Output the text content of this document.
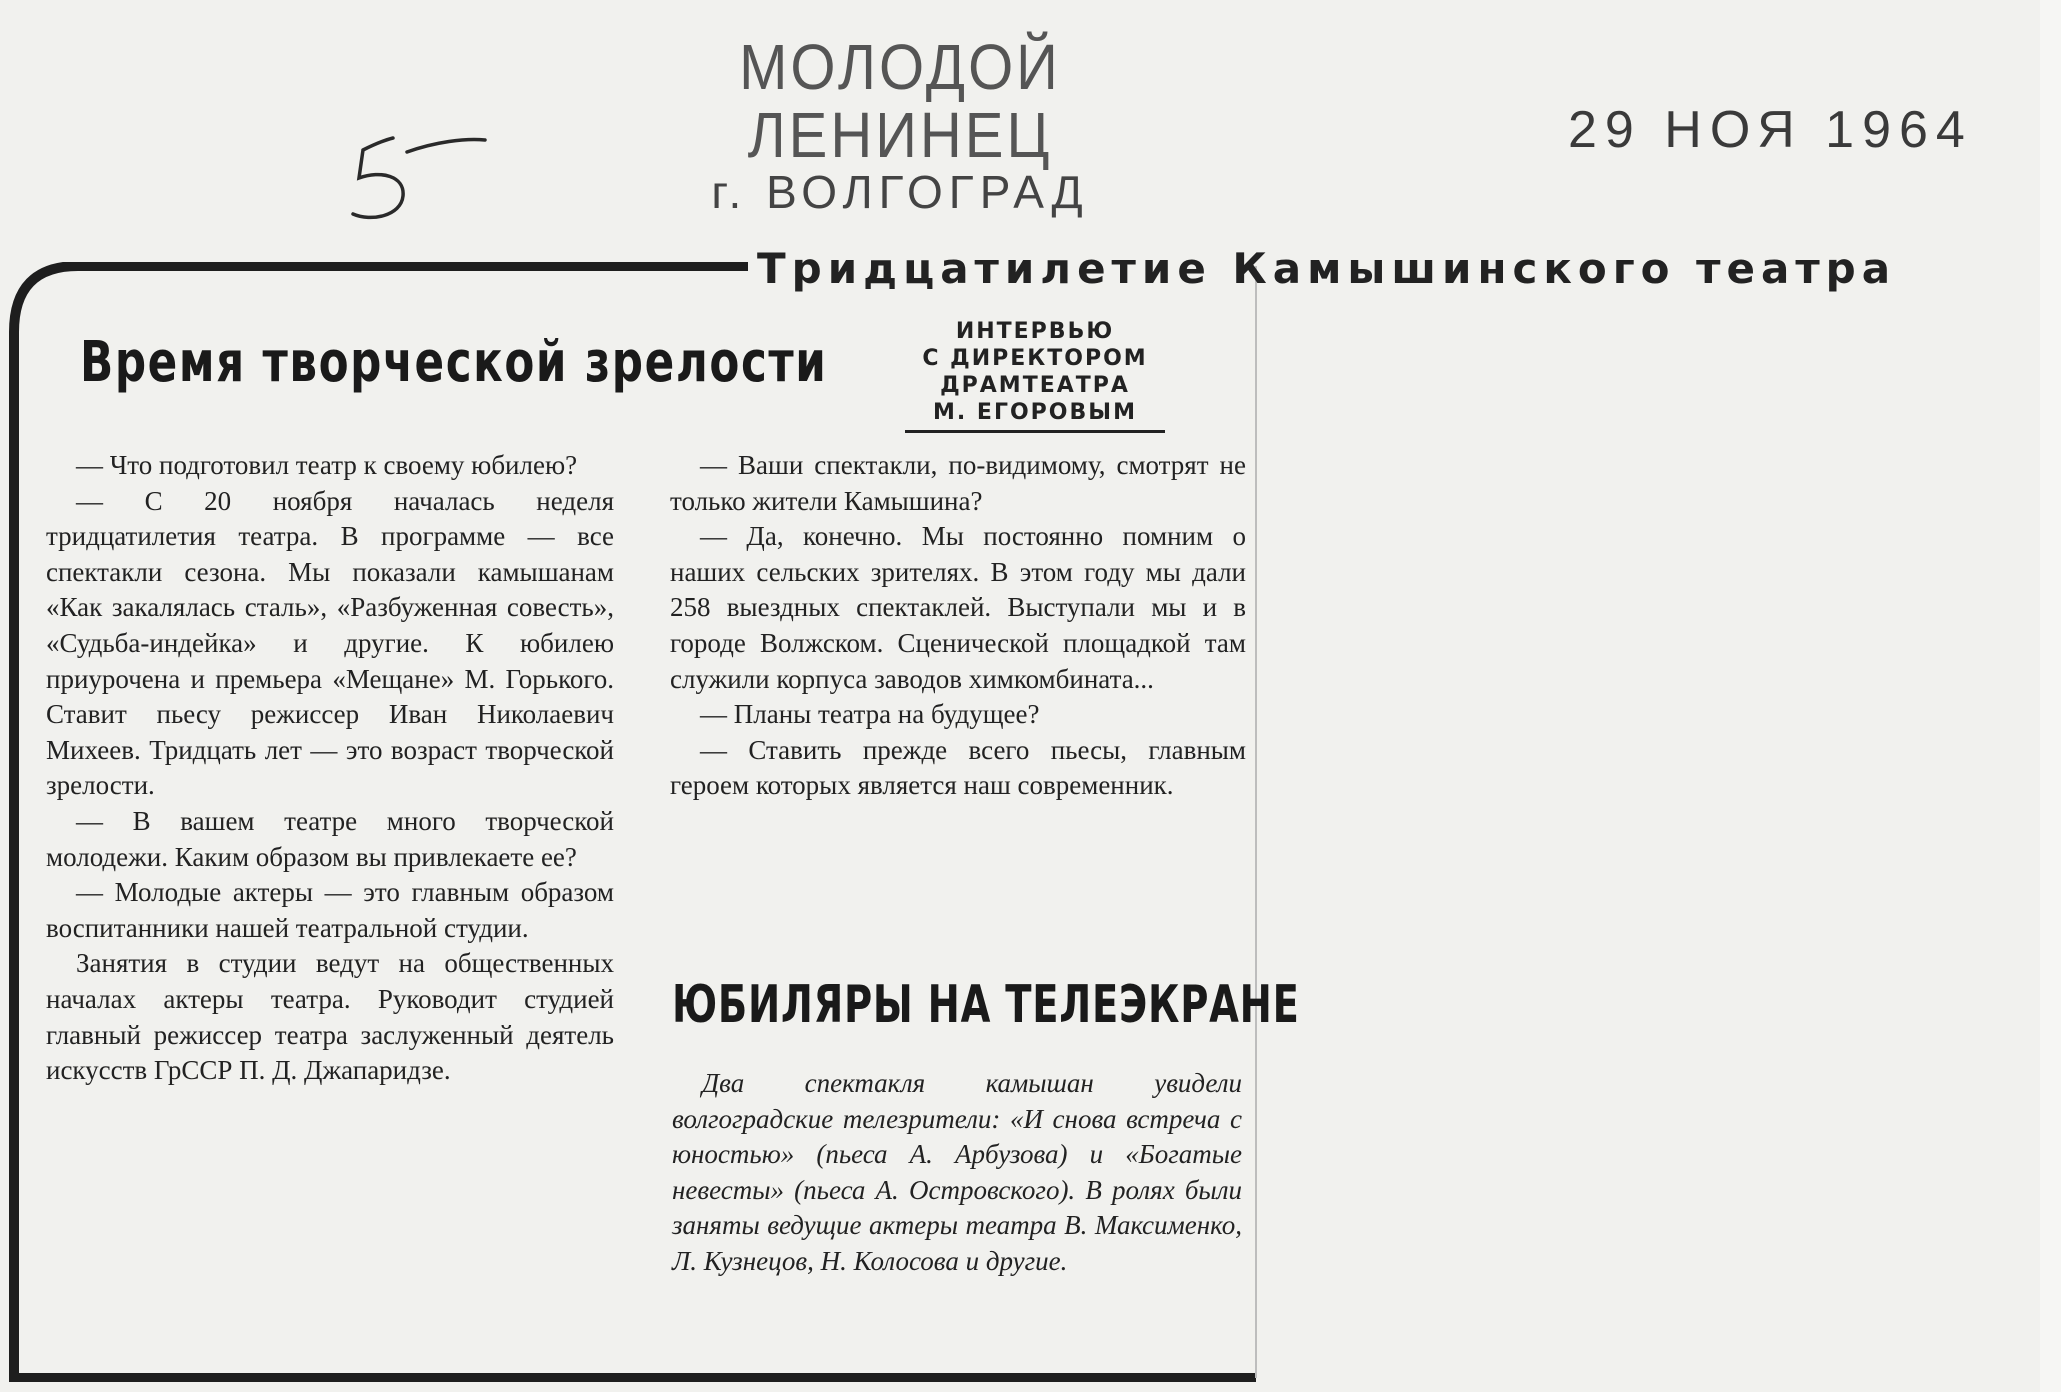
МОЛОДОЙ ЛЕНИНЕЦ
г. ВОЛГОГРАД
29 НОЯ 1964
Тридцатилетие Камышинского театра
Время творческой зрелости	ИНТЕРВЬЮ
С ДИРЕКТОРОМ
ДРАМТЕАТРА
М. ЕГОРОВЫМ

— Что подготовил театр к своему юбилею?

— С 20 ноября началась неделя тридцатилетия театра. В программе — все спектакли сезона. Мы показали камышанам «Как закалялась сталь», «Разбуженная совесть», «Судьба-индейка» и другие. К юбилею приурочена и премьера «Мещане» М. Горького. Ставит пьесу режиссер Иван Николаевич Михеев. Тридцать лет — это возраст творческой зрелости.

— В вашем театре много творческой молодежи. Каким образом вы привлекаете ее?

— Молодые актеры — это главным образом воспитанники нашей театральной студии.

Занятия в студии ведут на общественных началах актеры театра. Руководит студией главный режиссер театра заслуженный деятель искусств ГрССР П. Д. Джапаридзе.

— Ваши спектакли, по-видимому, смотрят не только жители Камышина?

— Да, конечно. Мы постоянно помним о наших сельских зрителях. В этом году мы дали 258 выездных спектаклей. Выступали мы и в городе Волжском. Сценической площадкой там служили корпуса заводов химкомбината...

— Планы театра на будущее?

— Ставить прежде всего пьесы, главным героем которых является наш современник.

ЮБИЛЯРЫ НА ТЕЛЕЭКРАНЕ

Два спектакля камышан увидели волгоградские телезрители: «И снова встреча с юностью» (пьеса А. Арбузова) и «Богатые невесты» (пьеса А. Островского). В ролях были заняты ведущие актеры театра В. Максименко, Л. Кузнецов, Н. Колосова и другие.
